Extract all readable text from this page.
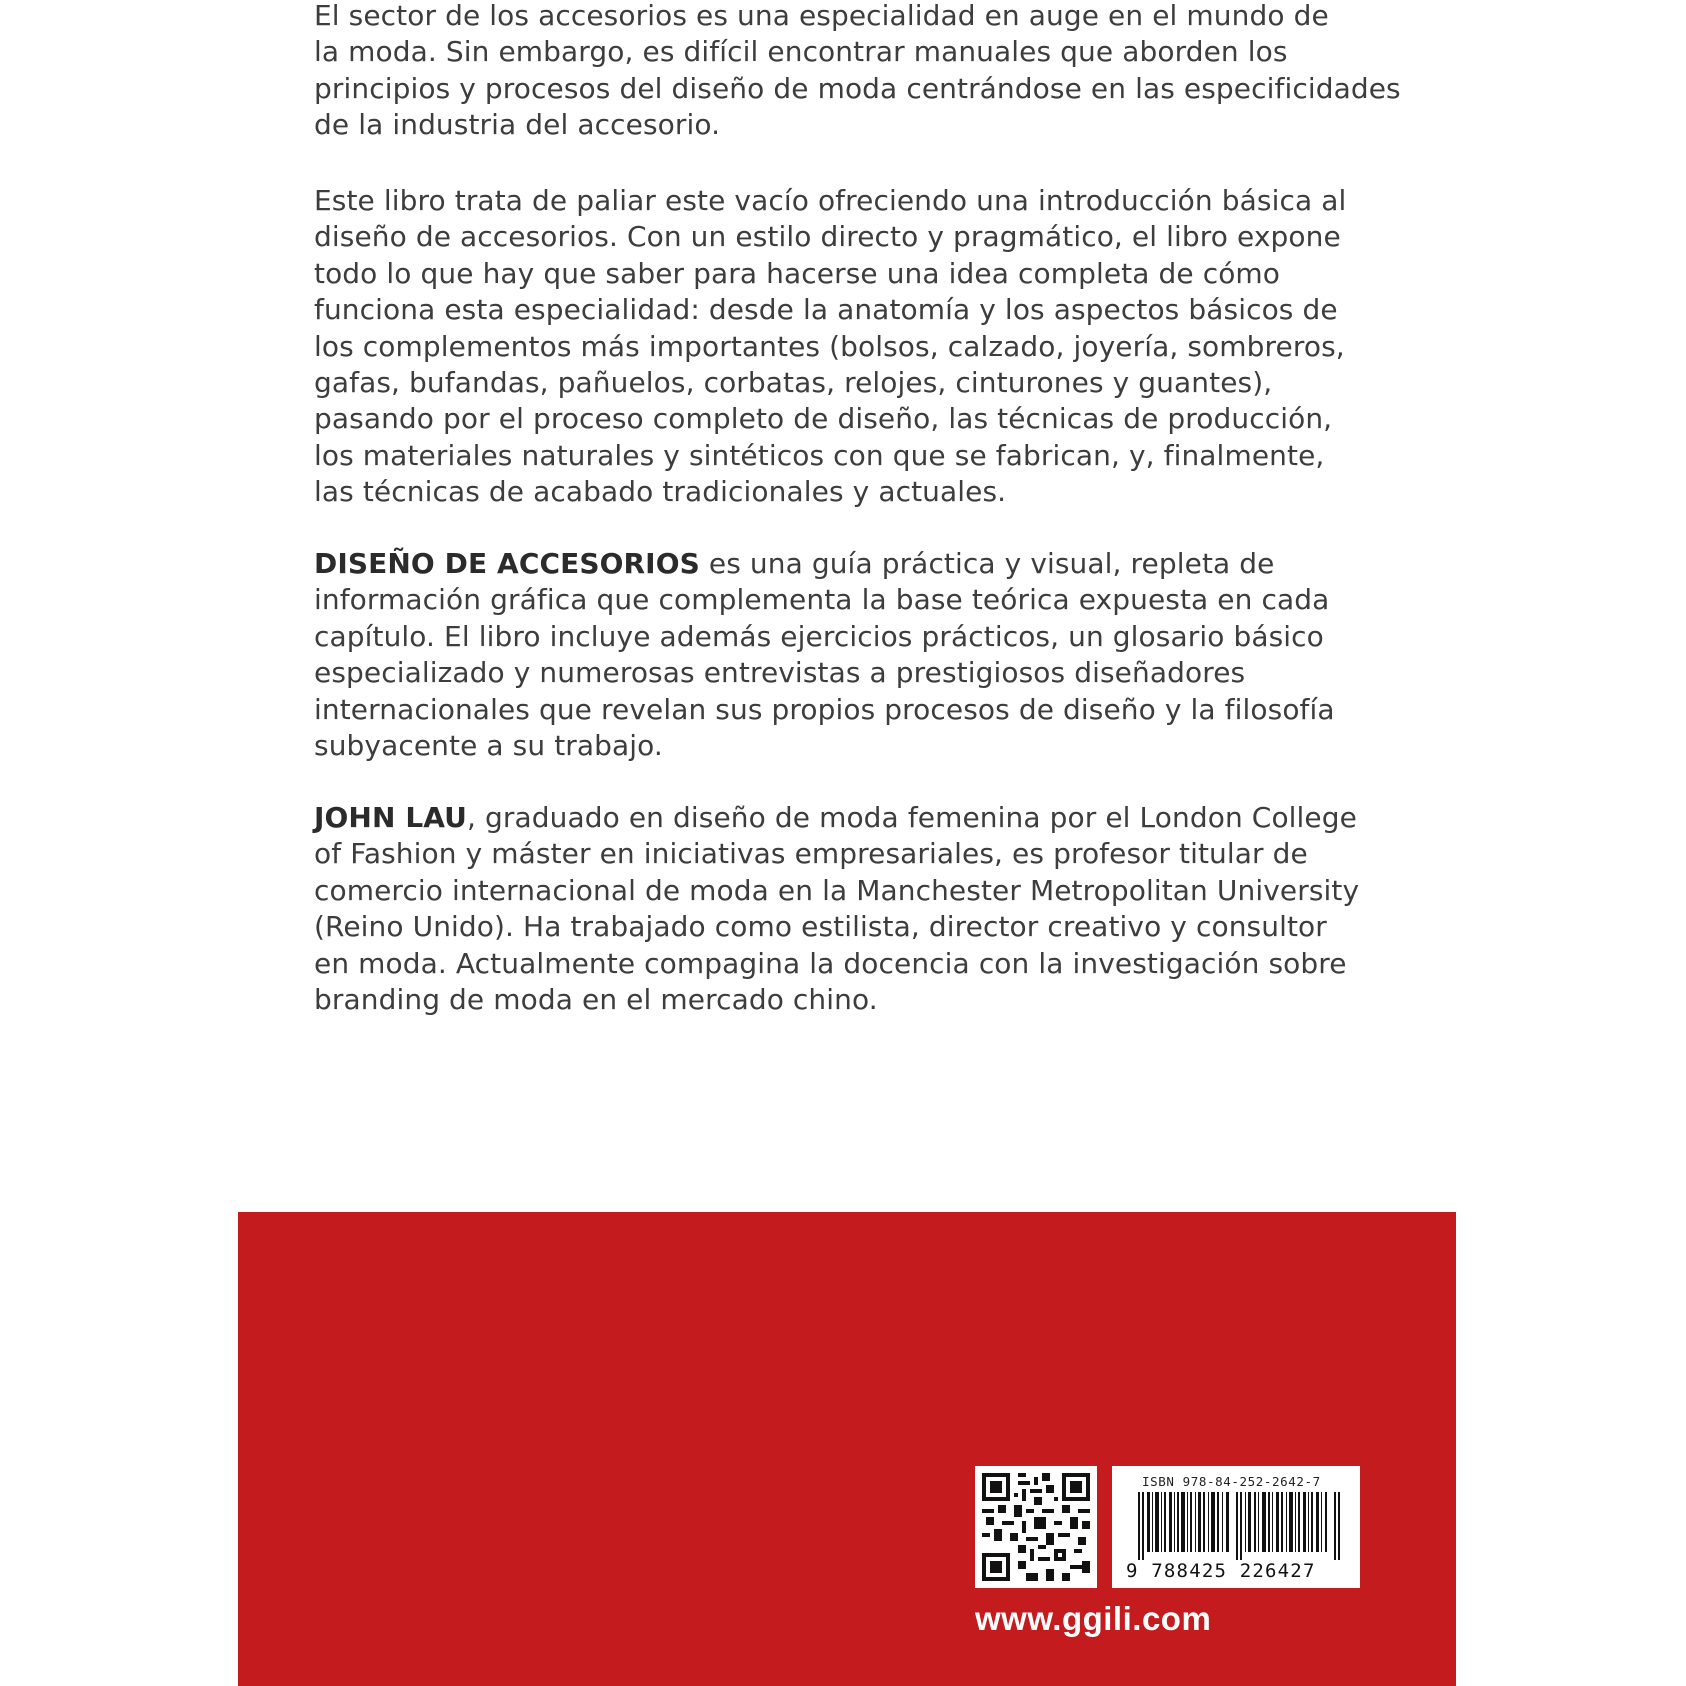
El sector de los accesorios es una especialidad en auge en el mundo de
la moda. Sin embargo, es difícil encontrar manuales que aborden los
principios y procesos del diseño de moda centrándose en las especificidades
de la industria del accesorio.

Este libro trata de paliar este vacío ofreciendo una introducción básica al
diseño de accesorios. Con un estilo directo y pragmático, el libro expone
todo lo que hay que saber para hacerse una idea completa de cómo
funciona esta especialidad: desde la anatomía y los aspectos básicos de
los complementos más importantes (bolsos, calzado, joyería, sombreros,
gafas, bufandas, pañuelos, corbatas, relojes, cinturones y guantes),
pasando por el proceso completo de diseño, las técnicas de producción,
los materiales naturales y sintéticos con que se fabrican, y, finalmente,
las técnicas de acabado tradicionales y actuales.

DISEÑO DE ACCESORIOS es una guía práctica y visual, repleta de
información gráfica que complementa la base teórica expuesta en cada
capítulo. El libro incluye además ejercicios prácticos, un glosario básico
especializado y numerosas entrevistas a prestigiosos diseñadores
internacionales que revelan sus propios procesos de diseño y la filosofía
subyacente a su trabajo.

JOHN LAU, graduado en diseño de moda femenina por el London College
of Fashion y máster en iniciativas empresariales, es profesor titular de
comercio internacional de moda en la Manchester Metropolitan University
(Reino Unido). Ha trabajado como estilista, director creativo y consultor
en moda. Actualmente compagina la docencia con la investigación sobre
branding de moda en el mercado chino.

ISBN 978-84-252-2642-7
9 788425 226427
www.ggili.com
